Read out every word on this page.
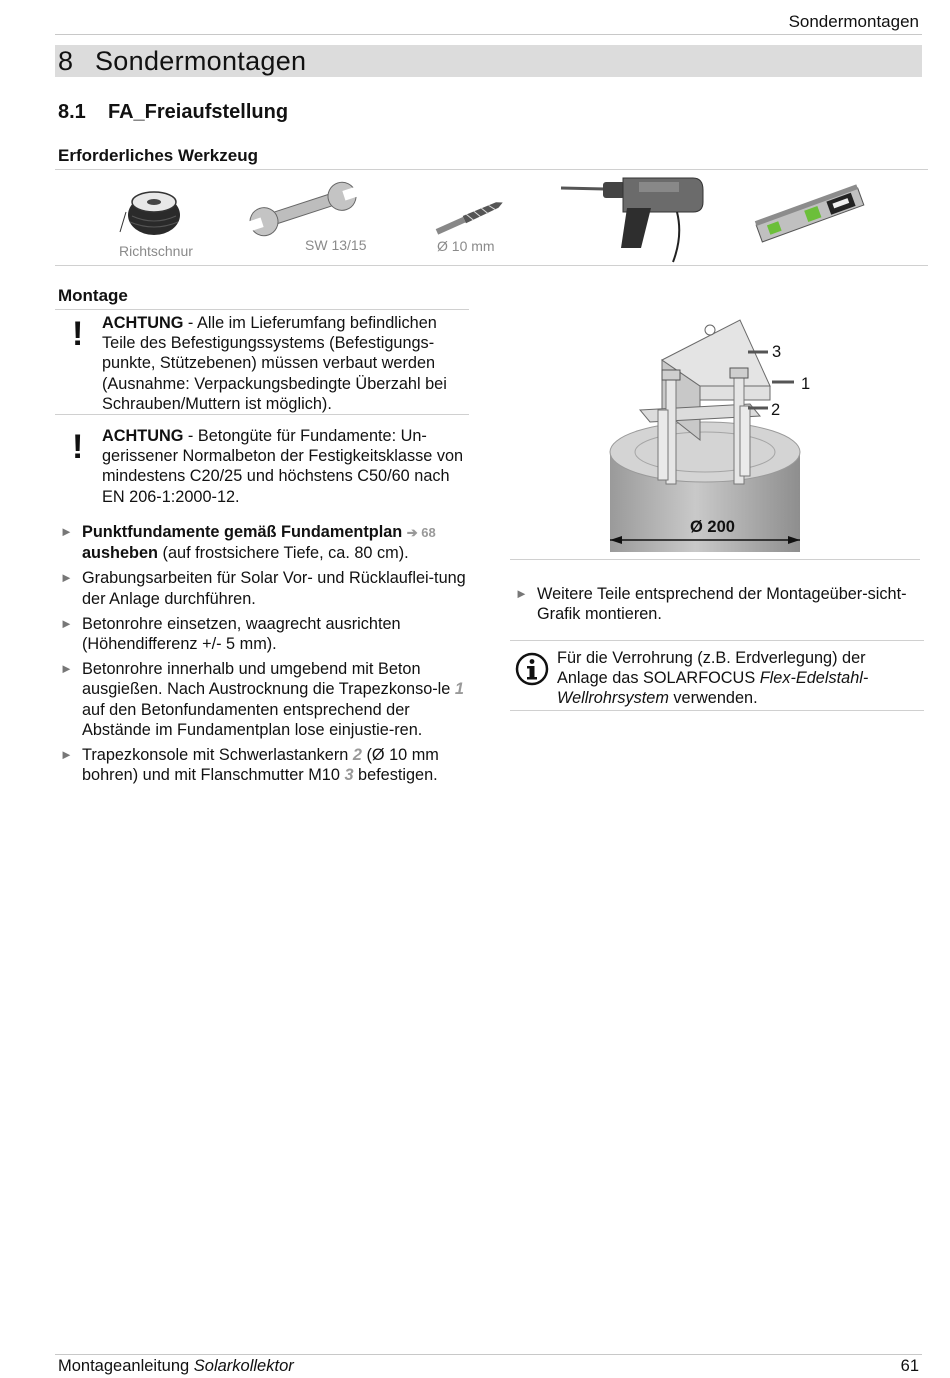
Sondermontagen
8 Sondermontagen
8.1 FA_Freiaufstellung
Erforderliches Werkzeug
Richtschnur	SW 13/15	Ø 10 mm
Montage
! ACHTUNG - Alle im Lieferumfang befindlichen Teile des Befestigungssystems (Befestigungs-punkte, Stützebenen) müssen verbaut werden (Ausnahme: Verpackungsbedingte Überzahl bei Schrauben/Muttern ist möglich).
! ACHTUNG - Betongüte für Fundamente: Un-gerissener Normalbeton der Festigkeitsklasse von mindestens C20/25 und höchstens C50/60 nach EN 206-1:2000-12.
► Punktfundamente gemäß Fundamentplan ➔ 68 ausheben (auf frostsichere Tiefe, ca. 80 cm).
► Grabungsarbeiten für Solar Vor- und Rücklauflei-tung der Anlage durchführen.
► Betonrohre einsetzen, waagrecht ausrichten (Höhendifferenz +/- 5 mm).
► Betonrohre innerhalb und umgebend mit Beton ausgießen. Nach Austrocknung die Trapezkonso-le 1 auf den Betonfundamenten entsprechend der Abstände im Fundamentplan lose einjustie-ren.
► Trapezkonsole mit Schwerlastankern 2 (Ø 10 mm bohren) und mit Flanschmutter M10 3 befestigen.
3
1
2
Ø 200
► Weitere Teile entsprechend der Montageüber-sicht-Grafik montieren.
Für die Verrohrung (z.B. Erdverlegung) der Anlage das SOLARFOCUS Flex-Edelstahl-Wellrohrsystem verwenden.
Montageanleitung Solarkollektor	61
